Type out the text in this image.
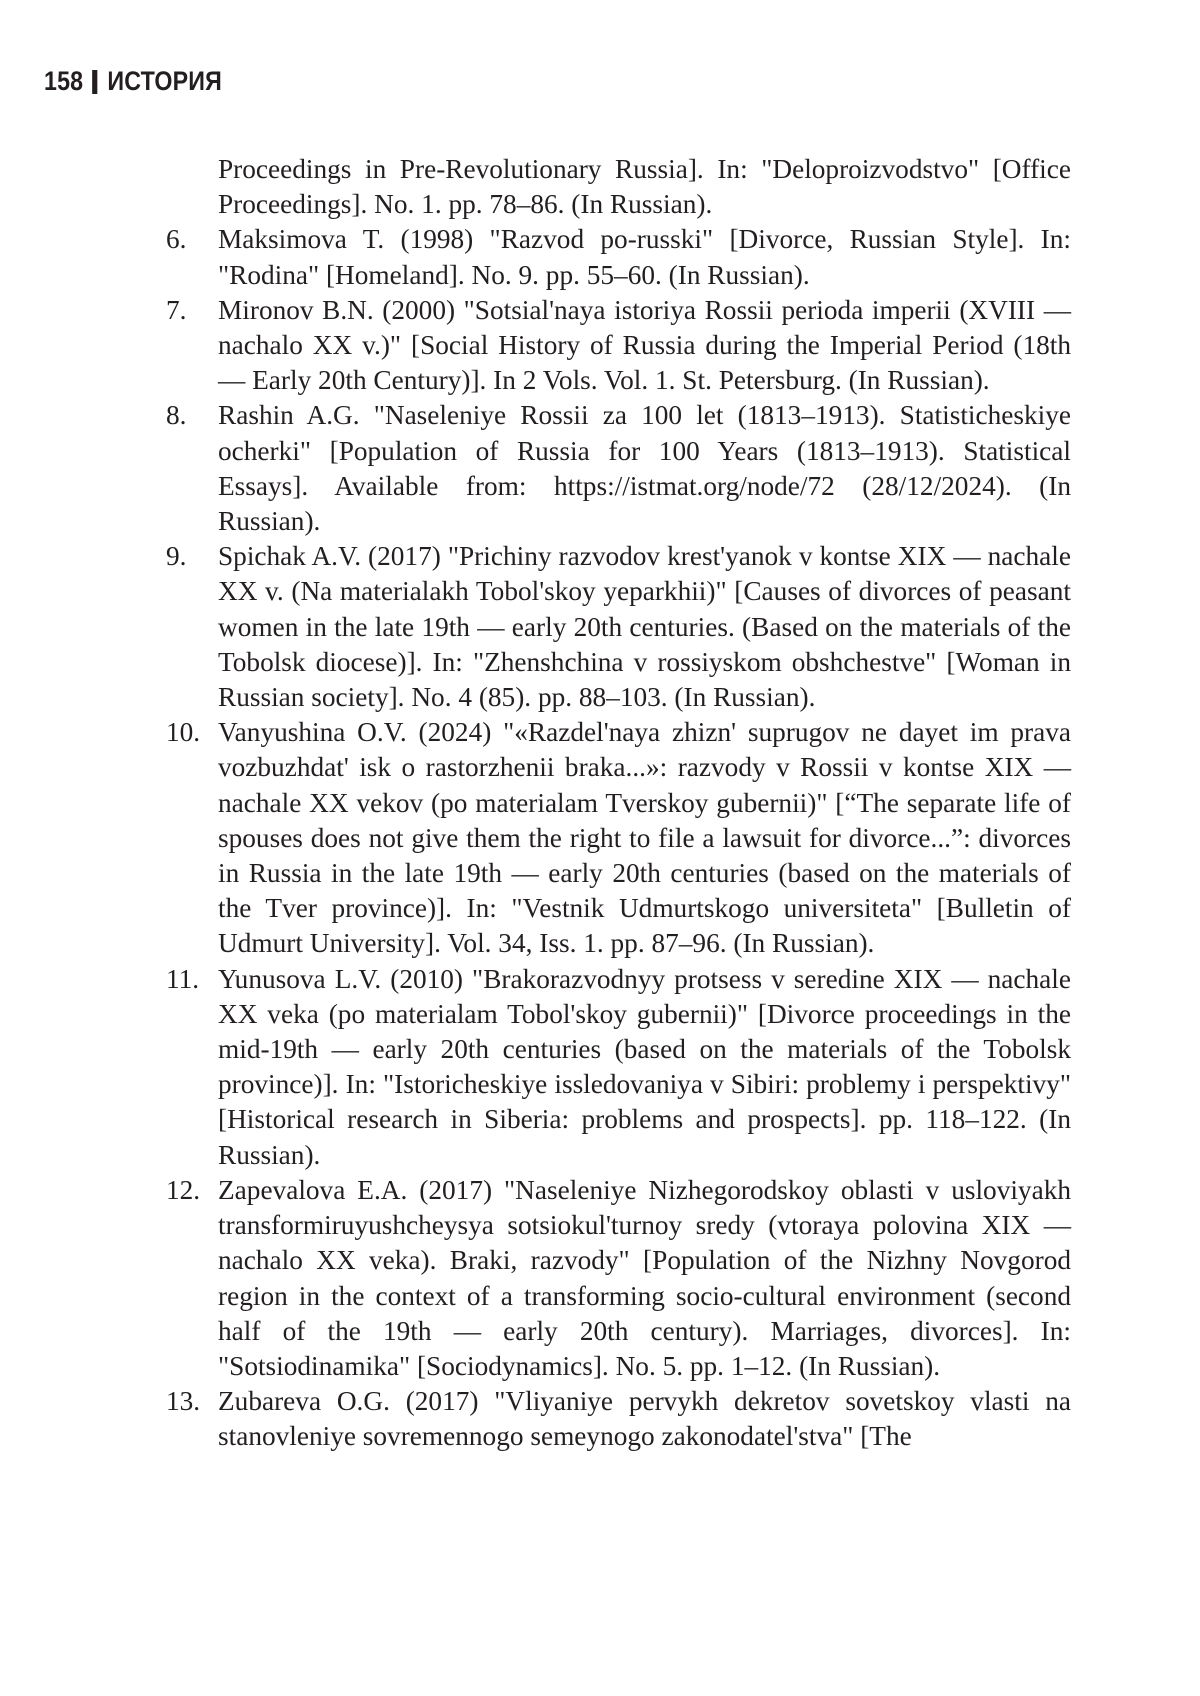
158 ИСТОРИЯ
Proceedings in Pre-Revolutionary Russia]. In: "Deloproizvodstvo" [Office Proceedings]. No. 1. pp. 78–86. (In Russian).
6. Maksimova T. (1998) "Razvod po-russki" [Divorce, Russian Style]. In: "Rodina" [Homeland]. No. 9. pp. 55–60. (In Russian).
7. Mironov B.N. (2000) "Sotsial'naya istoriya Rossii perioda imperii (XVIII — nachalo XX v.)" [Social History of Russia during the Imperial Period (18th — Early 20th Century)]. In 2 Vols. Vol. 1. St. Petersburg. (In Russian).
8. Rashin A.G. "Naseleniye Rossii za 100 let (1813–1913). Statisticheskiye ocherki" [Population of Russia for 100 Years (1813–1913). Statistical Essays]. Available from: https://istmat.org/node/72 (28/12/2024). (In Russian).
9. Spichak A.V. (2017) "Prichiny razvodov krest'yanok v kontse XIX — nachale XX v. (Na materialakh Tobol'skoy yeparkhii)" [Causes of divorces of peasant women in the late 19th — early 20th centuries. (Based on the materials of the Tobolsk diocese)]. In: "Zhenshchina v rossiyskom obshchestve" [Woman in Russian society]. No. 4 (85). pp. 88–103. (In Russian).
10. Vanyushina O.V. (2024) "«Razdel'naya zhizn' suprugov ne dayet im prava vozbuzhdat' isk o rastorzhenii braka...»: razvody v Rossii v kontse XIX — nachale XX vekov (po materialam Tverskoy gubernii)" [“The separate life of spouses does not give them the right to file a lawsuit for divorce...”: divorces in Russia in the late 19th — early 20th centuries (based on the materials of the Tver province)]. In: "Vestnik Udmurtskogo universiteta" [Bulletin of Udmurt University]. Vol. 34, Iss. 1. pp. 87–96. (In Russian).
11. Yunusova L.V. (2010) "Brakorazvodnyy protsess v seredine XIX — nachale XX veka (po materialam Tobol'skoy gubernii)" [Divorce proceedings in the mid-19th — early 20th centuries (based on the materials of the Tobolsk province)]. In: "Istoricheskiye issledovaniya v Sibiri: problemy i perspektivy" [Historical research in Siberia: problems and prospects]. pp. 118–122. (In Russian).
12. Zapevalova E.A. (2017) "Naseleniye Nizhegorodskoy oblasti v usloviyakh transformiruyushcheysya sotsiokul'turnoy sredy (vtoraya polovina XIX — nachalo XX veka). Braki, razvody" [Population of the Nizhny Novgorod region in the context of a transforming socio-cultural environment (second half of the 19th — early 20th century). Marriages, divorces]. In: "Sotsiodinamika" [Sociodynamics]. No. 5. pp. 1–12. (In Russian).
13. Zubareva O.G. (2017) "Vliyaniye pervykh dekretov sovetskoy vlasti na stanovleniye sovremennogo semeynogo zakonodatel'stva" [The
